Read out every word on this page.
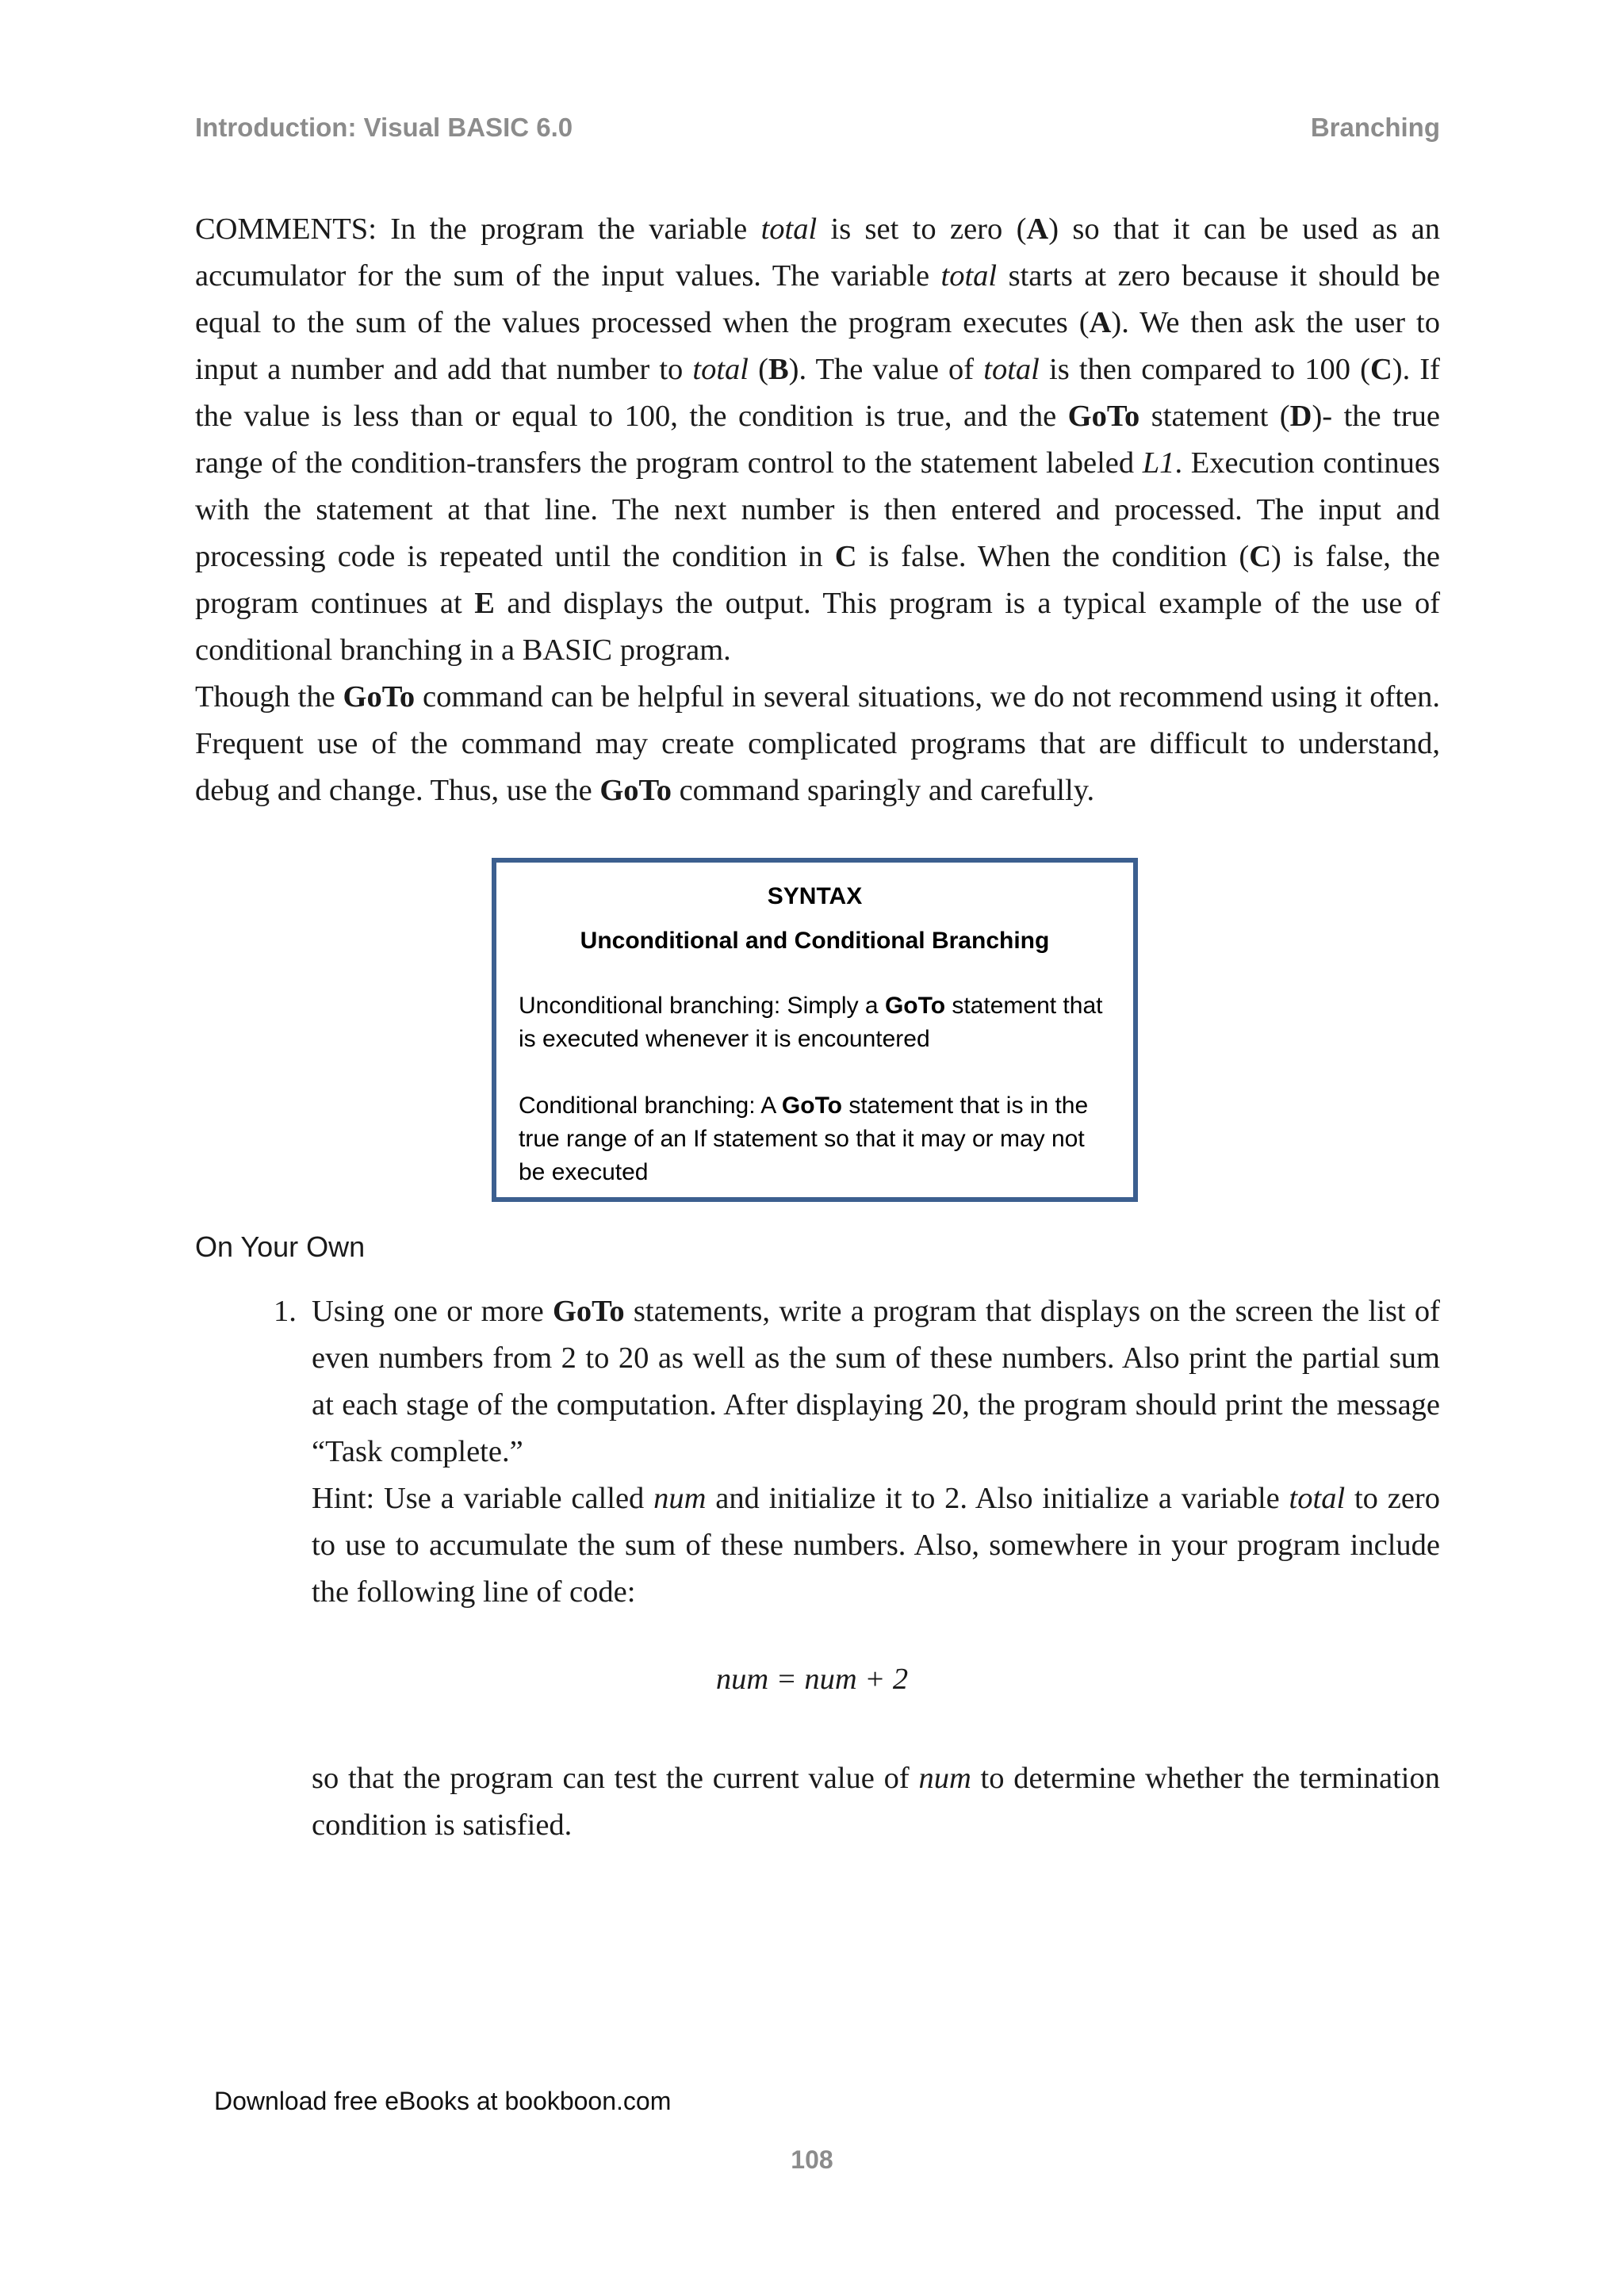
Introduction: Visual BASIC 6.0	Branching

COMMENTS: In the program the variable total is set to zero (A) so that it can be used as an accumulator for the sum of the input values. The variable total starts at zero because it should be equal to the sum of the values processed when the program executes (A). We then ask the user to input a number and add that number to total (B). The value of total is then compared to 100 (C). If the value is less than or equal to 100, the condition is true, and the GoTo statement (D)- the true range of the condition-transfers the program control to the statement labeled L1. Execution continues with the statement at that line. The next number is then entered and processed. The input and processing code is repeated until the condition in C is false. When the condition (C) is false, the program continues at E and displays the output. This program is a typical example of the use of conditional branching in a BASIC program.

Though the GoTo command can be helpful in several situations, we do not recommend using it often. Frequent use of the command may create complicated programs that are difficult to understand, debug and change. Thus, use the GoTo command sparingly and carefully.

SYNTAX
Unconditional and Conditional Branching

Unconditional branching: Simply a GoTo statement that is executed whenever it is encountered

Conditional branching: A GoTo statement that is in the true range of an If statement so that it may or may not be executed

On Your Own
1. Using one or more GoTo statements, write a program that displays on the screen the list of even numbers from 2 to 20 as well as the sum of these numbers. Also print the partial sum at each stage of the computation. After displaying 20, the program should print the message “Task complete.”

Hint: Use a variable called num and initialize it to 2. Also initialize a variable total to zero to use to accumulate the sum of these numbers. Also, somewhere in your program include the following line of code:

num = num + 2

so that the program can test the current value of num to determine whether the termination condition is satisfied.

Download free eBooks at bookboon.com
108
